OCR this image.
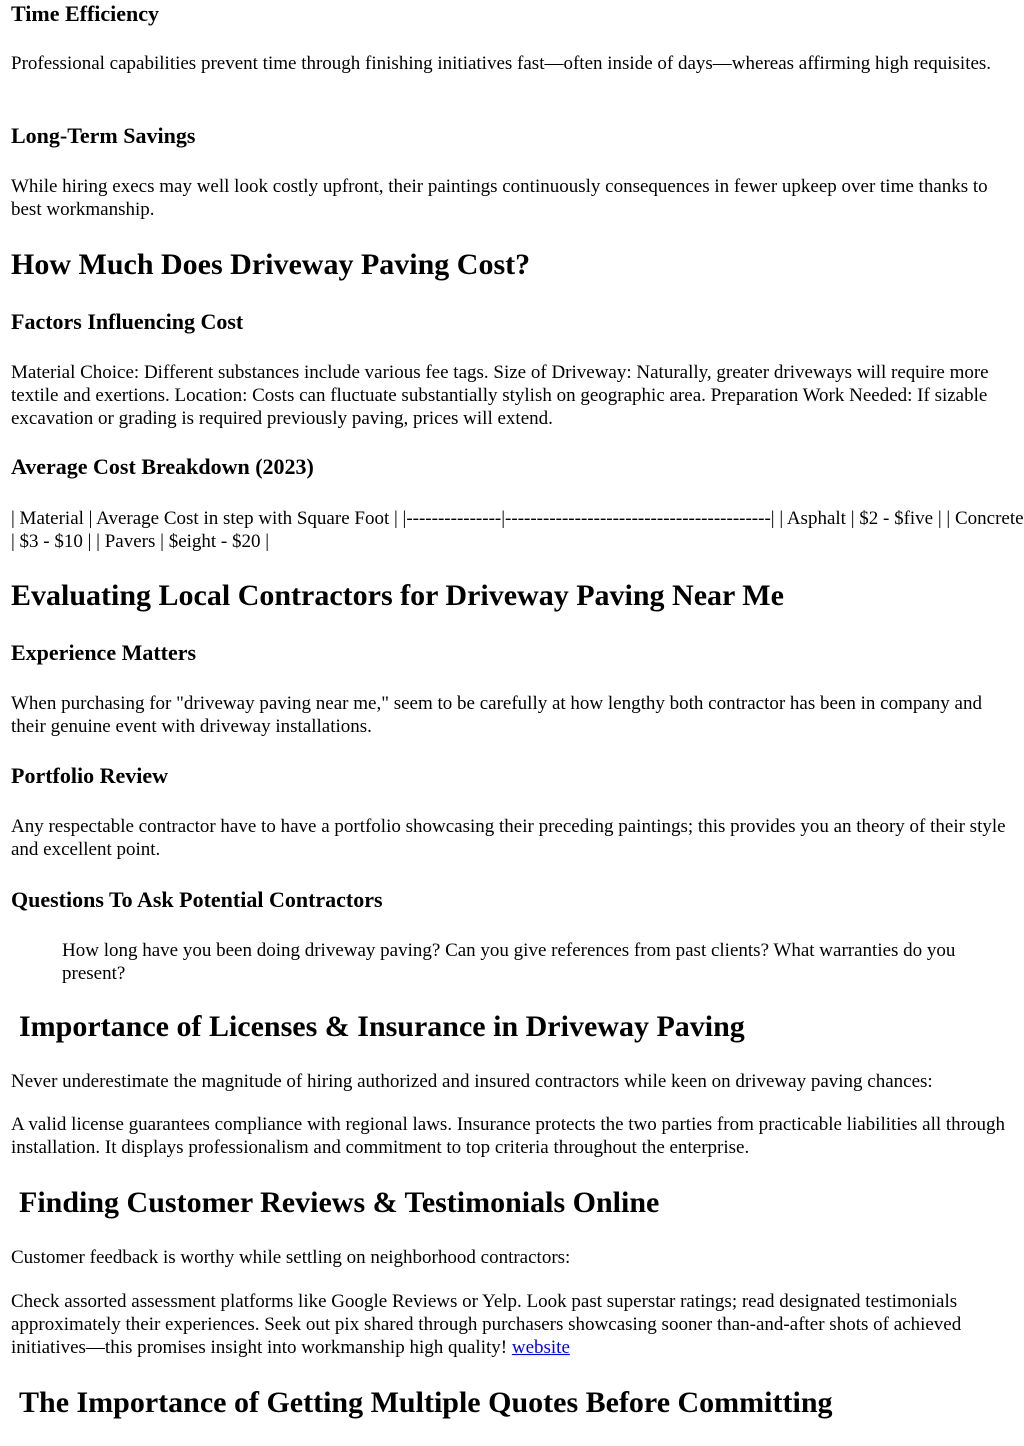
Time Efficiency

Professional capabilities prevent time through finishing initiatives fast—often inside of days—whereas affirming high requisites.

Long-Term Savings

While hiring execs may well look costly upfront, their paintings continuously consequences in fewer upkeep over time thanks to best workmanship.

How Much Does Driveway Paving Cost?
Factors Influencing Cost

Material Choice: Different substances include various fee tags. Size of Driveway: Naturally, greater driveways will require more textile and exertions. Location: Costs can fluctuate substantially stylish on geographic area. Preparation Work Needed: If sizable excavation or grading is required previously paving, prices will extend.

Average Cost Breakdown (2023)

| Material | Average Cost in step with Square Foot | |---------------|------------------------------------------| | Asphalt | $2 - $five | | Concrete | $3 - $10 | | Pavers | $eight - $20 |

Evaluating Local Contractors for Driveway Paving Near Me
Experience Matters

When purchasing for "driveway paving near me," seem to be carefully at how lengthy both contractor has been in company and their genuine event with driveway installations.

Portfolio Review

Any respectable contractor have to have a portfolio showcasing their preceding paintings; this provides you an theory of their style and excellent point.

Questions To Ask Potential Contractors

How long have you been doing driveway paving? Can you give references from past clients? What warranties do you present?

Importance of Licenses & Insurance in Driveway Paving

Never underestimate the magnitude of hiring authorized and insured contractors while keen on driveway paving chances:

A valid license guarantees compliance with regional laws. Insurance protects the two parties from practicable liabilities all through installation. It displays professionalism and commitment to top criteria throughout the enterprise.

Finding Customer Reviews & Testimonials Online

Customer feedback is worthy while settling on neighborhood contractors:

Check assorted assessment platforms like Google Reviews or Yelp. Look past superstar ratings; read designated testimonials approximately their experiences. Seek out pix shared through purchasers showcasing sooner than-and-after shots of achieved initiatives—this promises insight into workmanship high quality! website

The Importance of Getting Multiple Quotes Before Committing
